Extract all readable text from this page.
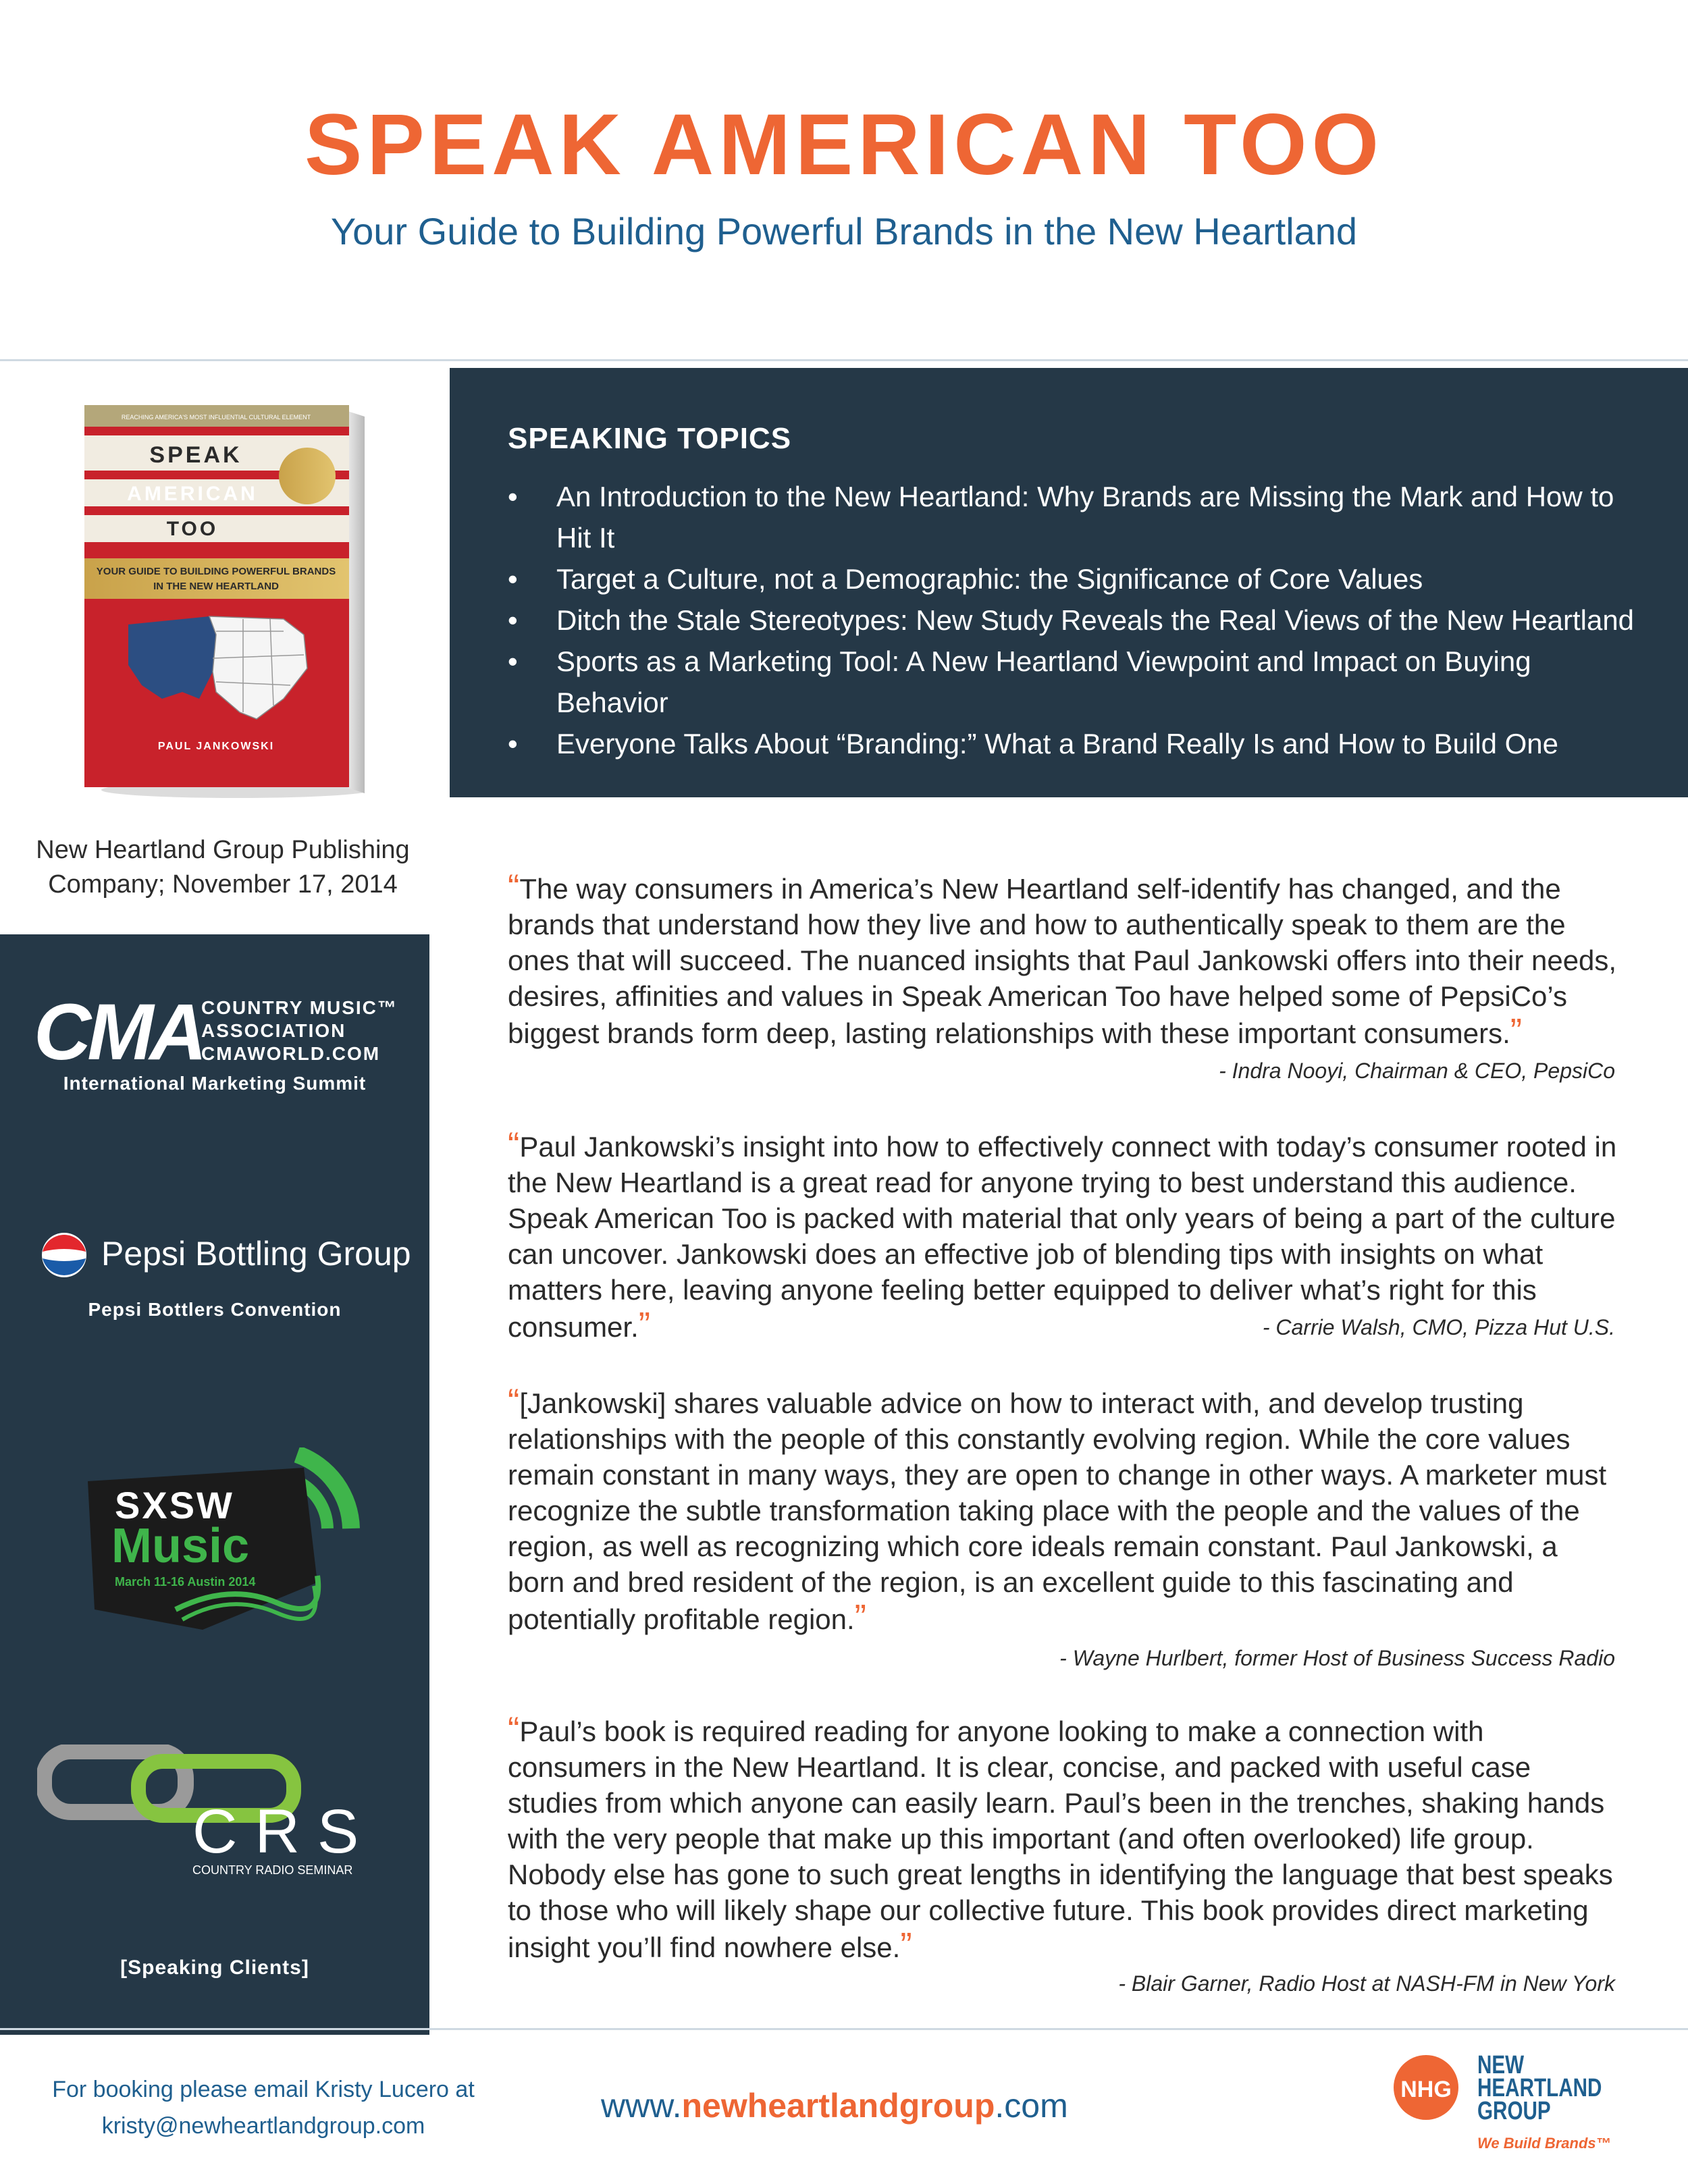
SPEAK AMERICAN TOO
Your Guide to Building Powerful Brands in the New Heartland
REACHING AMERICA'S MOST INFLUENTIAL CULTURAL ELEMENT
SPEAK
AMERICAN
TOO
YOUR GUIDE TO BUILDING POWERFUL BRANDS
IN THE NEW HEARTLAND
PAUL JANKOWSKI
SPEAKING TOPICS
• An Introduction to the New Heartland: Why Brands are Missing the Mark and How to Hit It
• Target a Culture, not a Demographic: the Significance of Core Values
• Ditch the Stale Stereotypes: New Study Reveals the Real Views of the New Heartland
• Sports as a Marketing Tool: A New Heartland Viewpoint and Impact on Buying Behavior
• Everyone Talks About “Branding:” What a Brand Really Is and How to Build One
New Heartland Group Publishing Company; November 17, 2014
CMA
COUNTRY MUSIC™
ASSOCIATION
CMAWORLD.COM
International Marketing Summit
Pepsi Bottling Group
Pepsi Bottlers Convention
SXSW
Music
March 11-16 Austin 2014
CRS
COUNTRY RADIO SEMINAR
[Speaking Clients]
“The way consumers in America’s New Heartland self-identify has changed, and the brands that understand how they live and how to authentically speak to them are the ones that will succeed. The nuanced insights that Paul Jankowski offers into their needs, desires, affinities and values in Speak American Too have helped some of PepsiCo’s biggest brands form deep, lasting relationships with these important consumers.”
- Indra Nooyi, Chairman & CEO, PepsiCo
“Paul Jankowski’s insight into how to effectively connect with today’s consumer rooted in the New Heartland is a great read for anyone trying to best understand this audience. Speak American Too is packed with material that only years of being a part of the culture can uncover. Jankowski does an effective job of blending tips with insights on what matters here, leaving anyone feeling better equipped to deliver what’s right for this consumer.”	- Carrie Walsh, CMO, Pizza Hut U.S.
“[Jankowski] shares valuable advice on how to interact with, and develop trusting relationships with the people of this constantly evolving region. While the core values remain constant in many ways, they are open to change in other ways. A marketer must recognize the subtle transformation taking place with the people and the values of the region, as well as recognizing which core ideals remain constant. Paul Jankowski, a born and bred resident of the region, is an excellent guide to this fascinating and potentially profitable region.”
- Wayne Hurlbert, former Host of Business Success Radio
“Paul’s book is required reading for anyone looking to make a connection with consumers in the New Heartland. It is clear, concise, and packed with useful case studies from which anyone can easily learn. Paul’s been in the trenches, shaking hands with the very people that make up this important (and often overlooked) life group. Nobody else has gone to such great lengths in identifying the language that best speaks to those who will likely shape our collective future. This book provides direct marketing insight you’ll find nowhere else.”
- Blair Garner, Radio Host at NASH-FM in New York
For booking please email Kristy Lucero at
kristy@newheartlandgroup.com
www.newheartlandgroup.com	NHG
NEW
HEARTLAND
GROUP
We Build Brands™
